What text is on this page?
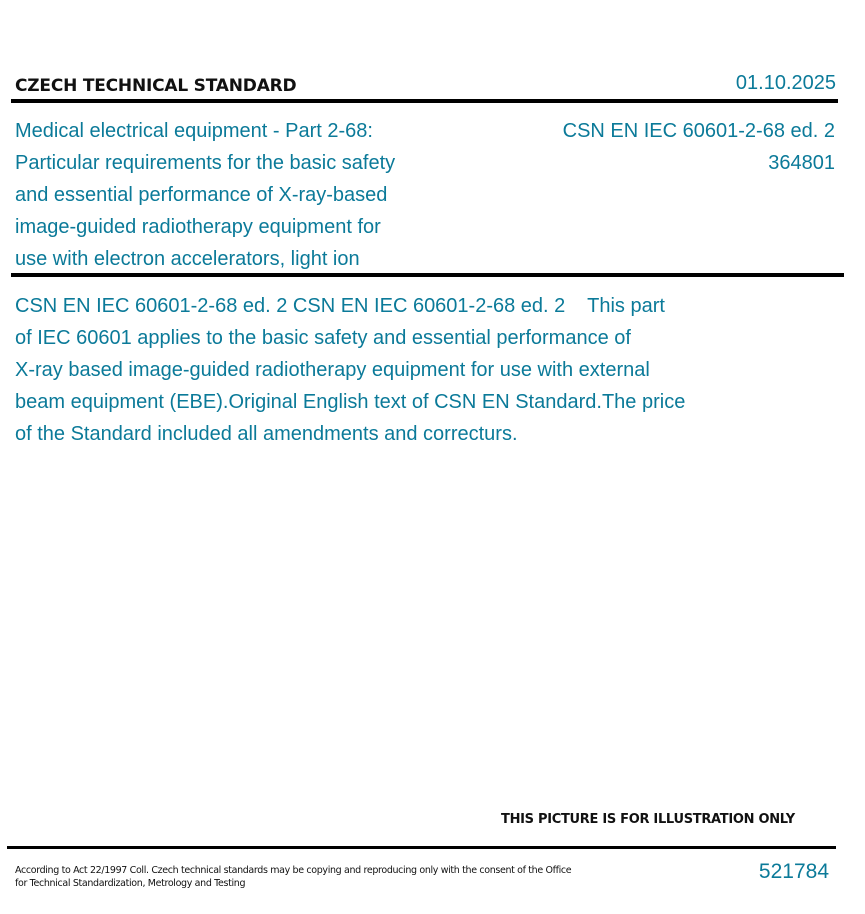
CZECH TECHNICAL STANDARD	01.10.2025
Medical electrical equipment - Part 2-68:
Particular requirements for the basic safety
and essential performance of X-ray-based
image-guided radiotherapy equipment for
use with electron accelerators, light ion
CSN EN IEC 60601-2-68 ed. 2
364801
CSN EN IEC 60601-2-68 ed. 2 CSN EN IEC 60601-2-68 ed. 2    This part
of IEC 60601 applies to the basic safety and essential performance of
X-ray based image-guided radiotherapy equipment for use with external
beam equipment (EBE).Original English text of CSN EN Standard.The price
of the Standard included all amendments and correcturs.
THIS PICTURE IS FOR ILLUSTRATION ONLY
According to Act 22/1997 Coll. Czech technical standards may be copying and reproducing only with the consent of the Office
for Technical Standardization, Metrology and Testing
521784
